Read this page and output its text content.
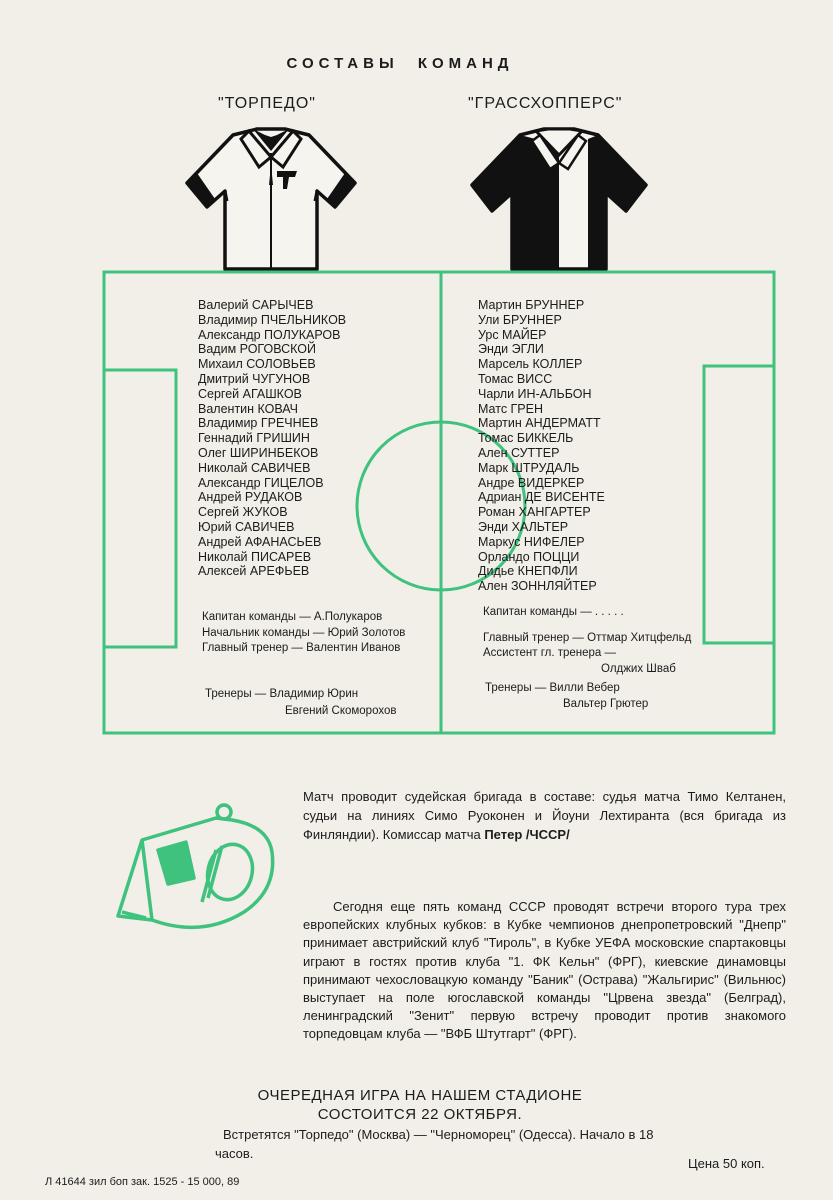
СОСТАВЫ КОМАНД
"ТОРПЕДО"	"ГРАССХОППЕРС"
Валерий САРЫЧЕВ
Владимир ПЧЕЛЬНИКОВ
Александр ПОЛУКАРОВ
Вадим РОГОВСКОЙ
Михаил СОЛОВЬЕВ
Дмитрий ЧУГУНОВ
Сергей АГАШКОВ
Валентин КОВАЧ
Владимир ГРЕЧНЕВ
Геннадий ГРИШИН
Олег ШИРИНБЕКОВ
Николай САВИЧЕВ
Александр ГИЦЕЛОВ
Андрей РУДАКОВ
Сергей ЖУКОВ
Юрий САВИЧЕВ
Андрей АФАНАСЬЕВ
Николай ПИСАРЕВ
Алексей АРЕФЬЕВ
Мартин БРУННЕР
Ули БРУННЕР
Урс МАЙЕР
Энди ЭГЛИ
Марсель КОЛЛЕР
Томас ВИСС
Чарли ИН-АЛЬБОН
Матс ГРЕН
Мартин АНДЕРМАТТ
Томас БИККЕЛЬ
Ален СУТТЕР
Марк ШТРУДАЛЬ
Андре ВИДЕРКЕР
Адриан ДЕ ВИСЕНТЕ
Роман ХАНГАРТЕР
Энди ХАЛЬТЕР
Маркус НИФЕЛЕР
Орландо ПОЦЦИ
Дидье КНЕПФЛИ
Ален ЗОННЛЯЙТЕР
Капитан команды — А.Полукаров
Начальник команды — Юрий Золотов
Главный тренер — Валентин Иванов
Тренеры — Владимир Юрин
Евгений Скоморохов
Капитан команды — . . . . .
Главный тренер — Оттмар Хитцфельд
Ассистент гл. тренера —
Олджих Шваб
Тренеры — Вилли Вебер
Вальтер Грютер
Матч проводит судейская бригада в составе: судья матча Тимо Келтанен, судьи на линиях Симо Руоконен и Йоуни Лехтиранта (вся бригада из Финляндии). Комиссар матча Петер /ЧССР/
Сегодня еще пять команд СССР проводят встречи второго тура трех европейских клубных кубков: в Кубке чемпионов днепропетровский "Днепр" принимает австрийский клуб "Тироль", в Кубке УЕФА московские спартаковцы играют в гостях против клуба "1. ФК Кельн" (ФРГ), киевские динамовцы принимают чехословацкую команду "Баник" (Острава) "Жальгирис" (Вильнюс) выступает на поле югославской команды "Црвена звезда" (Белград), ленинградский "Зенит" первую встречу проводит против знакомого торпедовцам клуба — "ВФБ Штутгарт" (ФРГ).
ОЧЕРЕДНАЯ ИГРА НА НАШЕМ СТАДИОНЕ
СОСТОИТСЯ 22 ОКТЯБРЯ.
Встретятся "Торпедо" (Москва) — "Черноморец" (Одесса). Начало в 18 часов.
Цена 50 коп.
Л 41644 зил боп зак. 1525 - 15 000, 89
